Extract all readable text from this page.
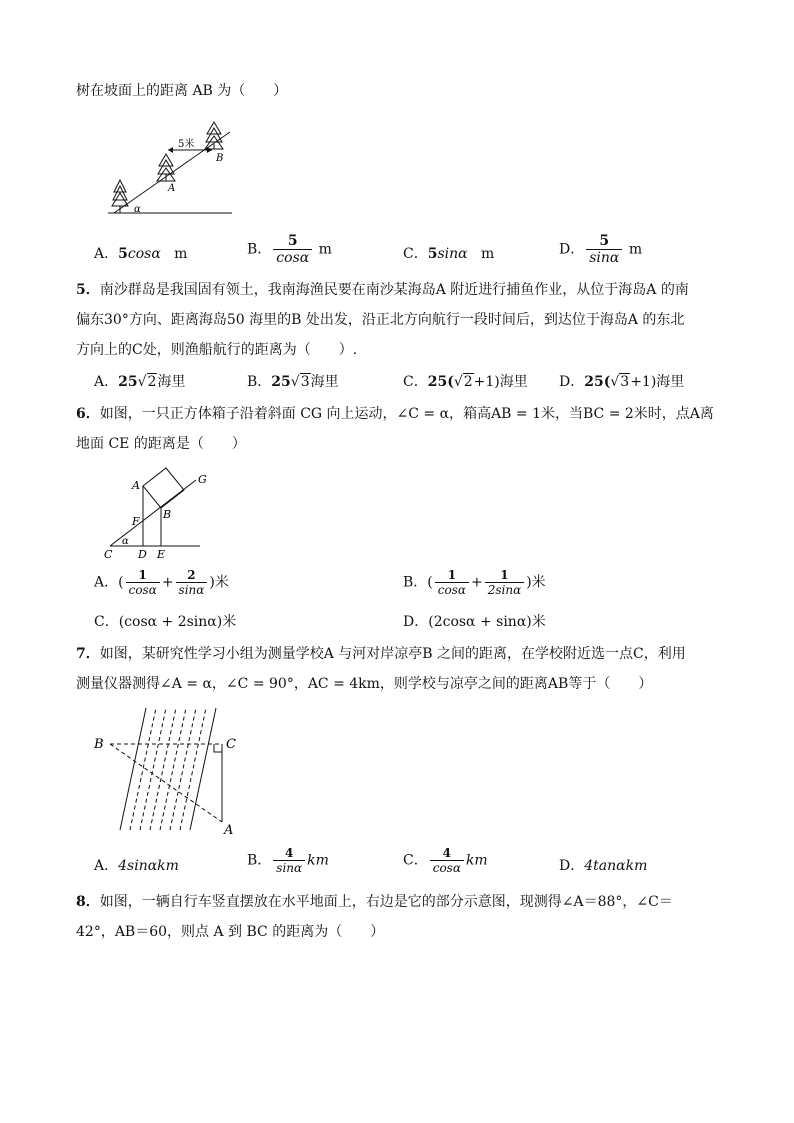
树在坡面上的距离 AB 为（　　）
5米
A
B
α
A．5cosα m	B． $\frac{5}{\cos\alpha}$ m	C．5sinα m	D． $\frac{5}{\sin\alpha}$ m
5．南沙群岛是我国固有领土，我南海渔民要在南沙某海岛A 附近进行捕鱼作业，从位于海岛A 的南
偏东30°方向、距离海岛50 海里的B 处出发，沿正北方向航行一段时间后，到达位于海岛A 的东北
方向上的C处，则渔船航行的距离为（　　）.
A．25√2海里	B．25√3海里	C．25(√2+1)海里 D．25(√3+1)海里
6．如图，一只正方体箱子沿着斜面 CG 向上运动，∠C = α，箱高AB = 1米，当BC = 2米时，点A离
地面 CE 的距离是（　　）
A
B
C D E
F
G
α
A．( $\frac{1}{\cos\alpha} + \frac{2}{\sin\alpha}$ )米	B．( $\frac{1}{\cos\alpha} + \frac{1}{2\sin\alpha}$ )米
C．(cosα + 2sinα)米	D．(2cosα + sinα)米
7．如图，某研究性学习小组为测量学校A 与河对岸凉亭B 之间的距离，在学校附近选一点C，利用
测量仪器测得∠A = α，∠C = 90°，AC = 4km，则学校与凉亭之间的距离AB等于（　　）
B	C
A
A．4sinαkm	B． $\frac{4}{\sin\alpha}$ km	C． $\frac{4}{\cos\alpha}$ km	D．4tanαkm
8．如图，一辆自行车竖直摆放在水平地面上，右边是它的部分示意图，现测得∠A＝88°，∠C＝
42°，AB＝60，则点 A 到 BC 的距离为（　　）
